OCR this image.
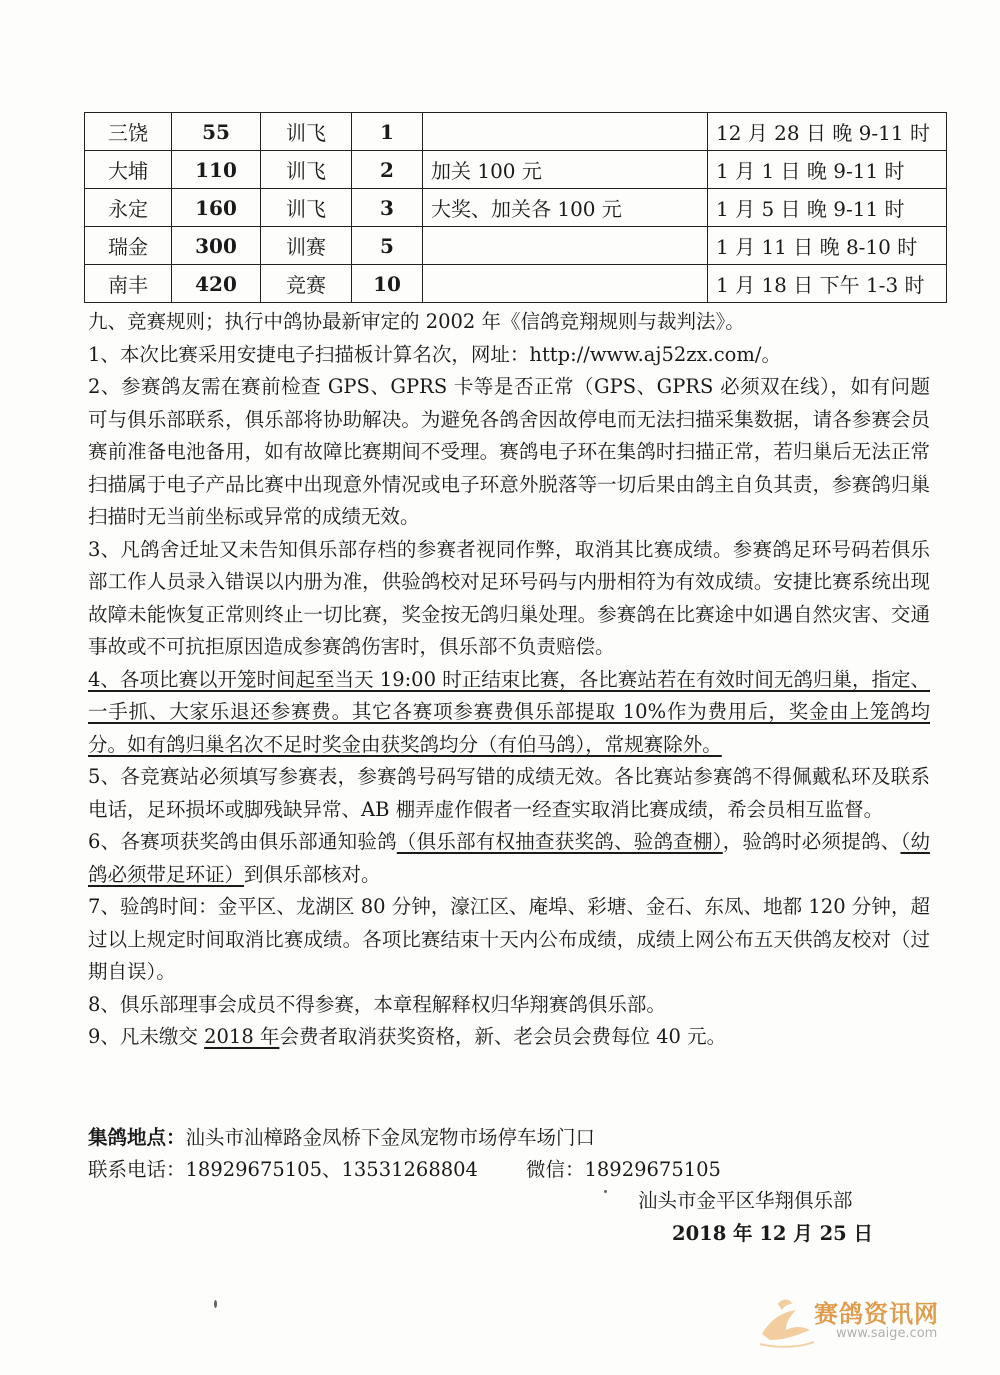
三饶	55	训飞	1		12 月 28 日 晚 9-11 时
大埔	110	训飞	2	加关 100 元	1 月 1 日 晚 9-11 时
永定	160	训飞	3	大奖、加关各 100 元	1 月 5 日 晚 9-11 时
瑞金	300	训赛	5		1 月 11 日 晚 8-10 时
南丰	420	竞赛	10		1 月 18 日 下午 1-3 时

九、竞赛规则；执行中鸽协最新审定的 2002 年《信鸽竞翔规则与裁判法》。

1、本次比赛采用安捷电子扫描板计算名次，网址：http://www.aj52zx.com/。

2、参赛鸽友需在赛前检查 GPS、GPRS 卡等是否正常（GPS、GPRS 必须双在线），如有问题可与俱乐部联系，俱乐部将协助解决。为避免各鸽舍因故停电而无法扫描采集数据，请各参赛会员赛前准备电池备用，如有故障比赛期间不受理。赛鸽电子环在集鸽时扫描正常，若归巢后无法正常扫描属于电子产品比赛中出现意外情况或电子环意外脱落等一切后果由鸽主自负其责，参赛鸽归巢扫描时无当前坐标或异常的成绩无效。

3、凡鸽舍迁址又未告知俱乐部存档的参赛者视同作弊，取消其比赛成绩。参赛鸽足环号码若俱乐部工作人员录入错误以内册为准，供验鸽校对足环号码与内册相符为有效成绩。安捷比赛系统出现故障未能恢复正常则终止一切比赛，奖金按无鸽归巢处理。参赛鸽在比赛途中如遇自然灾害、交通事故或不可抗拒原因造成参赛鸽伤害时，俱乐部不负责赔偿。

4、各项比赛以开笼时间起至当天 19:00 时正结束比赛，各比赛站若在有效时间无鸽归巢，指定、一手抓、大家乐退还参赛费。其它各赛项参赛费俱乐部提取 10%作为费用后，奖金由上笼鸽均分。如有鸽归巢名次不足时奖金由获奖鸽均分（有伯马鸽），常规赛除外。

5、各竞赛站必须填写参赛表，参赛鸽号码写错的成绩无效。各比赛站参赛鸽不得佩戴私环及联系电话，足环损坏或脚残缺异常、AB 棚弄虚作假者一经查实取消比赛成绩，希会员相互监督。

6、各赛项获奖鸽由俱乐部通知验鸽（俱乐部有权抽查获奖鸽、验鸽查棚），验鸽时必须提鸽、（幼鸽必须带足环证）到俱乐部核对。

7、验鸽时间：金平区、龙湖区 80 分钟，濠江区、庵埠、彩塘、金石、东凤、地都 120 分钟，超过以上规定时间取消比赛成绩。各项比赛结束十天内公布成绩，成绩上网公布五天供鸽友校对（过期自误）。

8、俱乐部理事会成员不得参赛，本章程解释权归华翔赛鸽俱乐部。

9、凡未缴交 2018 年会费者取消获奖资格，新、老会员会费每位 40 元。

集鸽地点：汕头市汕樟路金凤桥下金凤宠物市场停车场门口
联系电话： 18929675105、13531268804 微信： 18929675105
汕头市金平区华翔俱乐部
2018 年 12 月 25 日
赛鸽资讯网
www.saige.com
